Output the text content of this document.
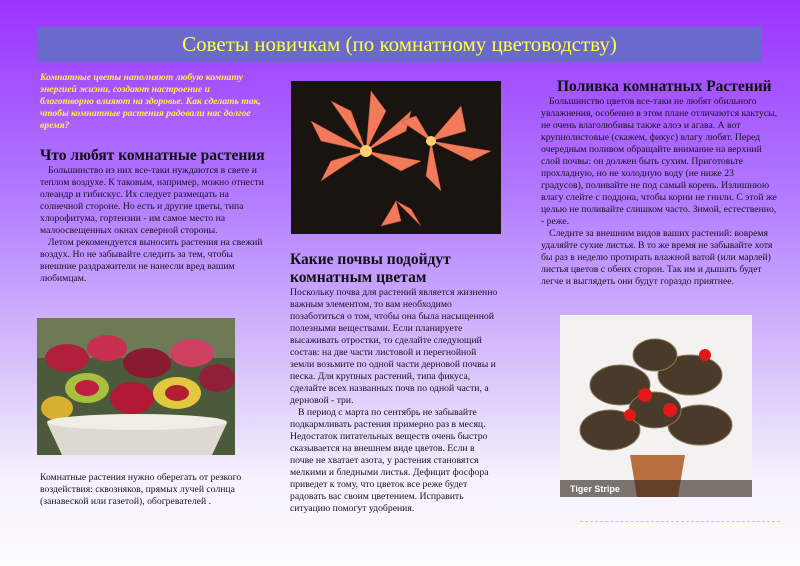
Советы новичкам (по комнатному цветоводству)
Комнатные цветы наполняют любую комнату энергией жизни, создают настроение и благотворно влияют на здоровье. Как сделать так, чтобы комнатные растения радовали нас долгое время?
Что любят комнатные растения

Большинство из них все-таки нуждаются в свете и теплом воздухе. К таковым, например, можно отнести олеандр и гибискус. Их следует размещать на солнечной стороне. Но есть и другие цветы, типа хлорофитума, гортензии - им самое место на малоосвещенных окнах северной стороны.

Летом рекомендуется выносить растения на свежий воздух. Но не забывайте следить за тем, чтобы внешние раздражители не нанесли вред вашим любимцам.

Комнатные растения нужно оберегать от резкого воздействия: сквозняков, прямых лучей солнца (занавеской или газетой), обогревателей .
Какие почвы подойдут комнатным цветам

Поскольку почва для растений является жизненно важным элементом, то вам необходимо позаботиться о том, чтобы она была насыщенной полезными веществами. Если планируете высаживать отростки, то сделайте следующий состав: на две части листовой и перегнойной земли возьмите по одной части дерновой почвы и песка. Для крупных растений, типа фикуса, сделайте всех названных почв по одной части, а дерновой - три.

В период с марта по сентябрь не забывайте подкармливать растения примерно раз в месяц. Недостаток питательных веществ очень быстро сказывается на внешнем виде цветов. Если в почве не хватает азота, у растения становятся мелкими и бледными листья. Дефицит фосфора приведет к тому, что цветок все реже будет радовать вас своим цветением. Исправить ситуацию помогут удобрения.

Поливка комнатных Растений

Большинство цветов все-таки не любят обильного увлажнения, особенно в этом плане отличаются кактусы, не очень влаголюбивы также алоэ и агава. А вот крупнолистовые (скажем, фикус) влагу любят. Перед очередным поливом обращайте внимание на верхний слой почвы: он должен быть сухим. Приготовьте прохладную, но не холодную воду (не ниже 23 градусов), поливайте не под самый корень. Излишнюю влагу слейте с поддона, чтобы корни не гнили. С этой же целью не поливайте слишком часто. Зимой, естественно, - реже.

Следите за внешним видов ваших растений: вовремя удаляйте сухие листья. В то же время не забывайте хотя бы раз в неделю протирать влажной ватой (или марлей) листья цветов с обеих сторон. Так им и дышать будет легче и выглядеть они будут гораздо приятнее.

Tiger Stripe
